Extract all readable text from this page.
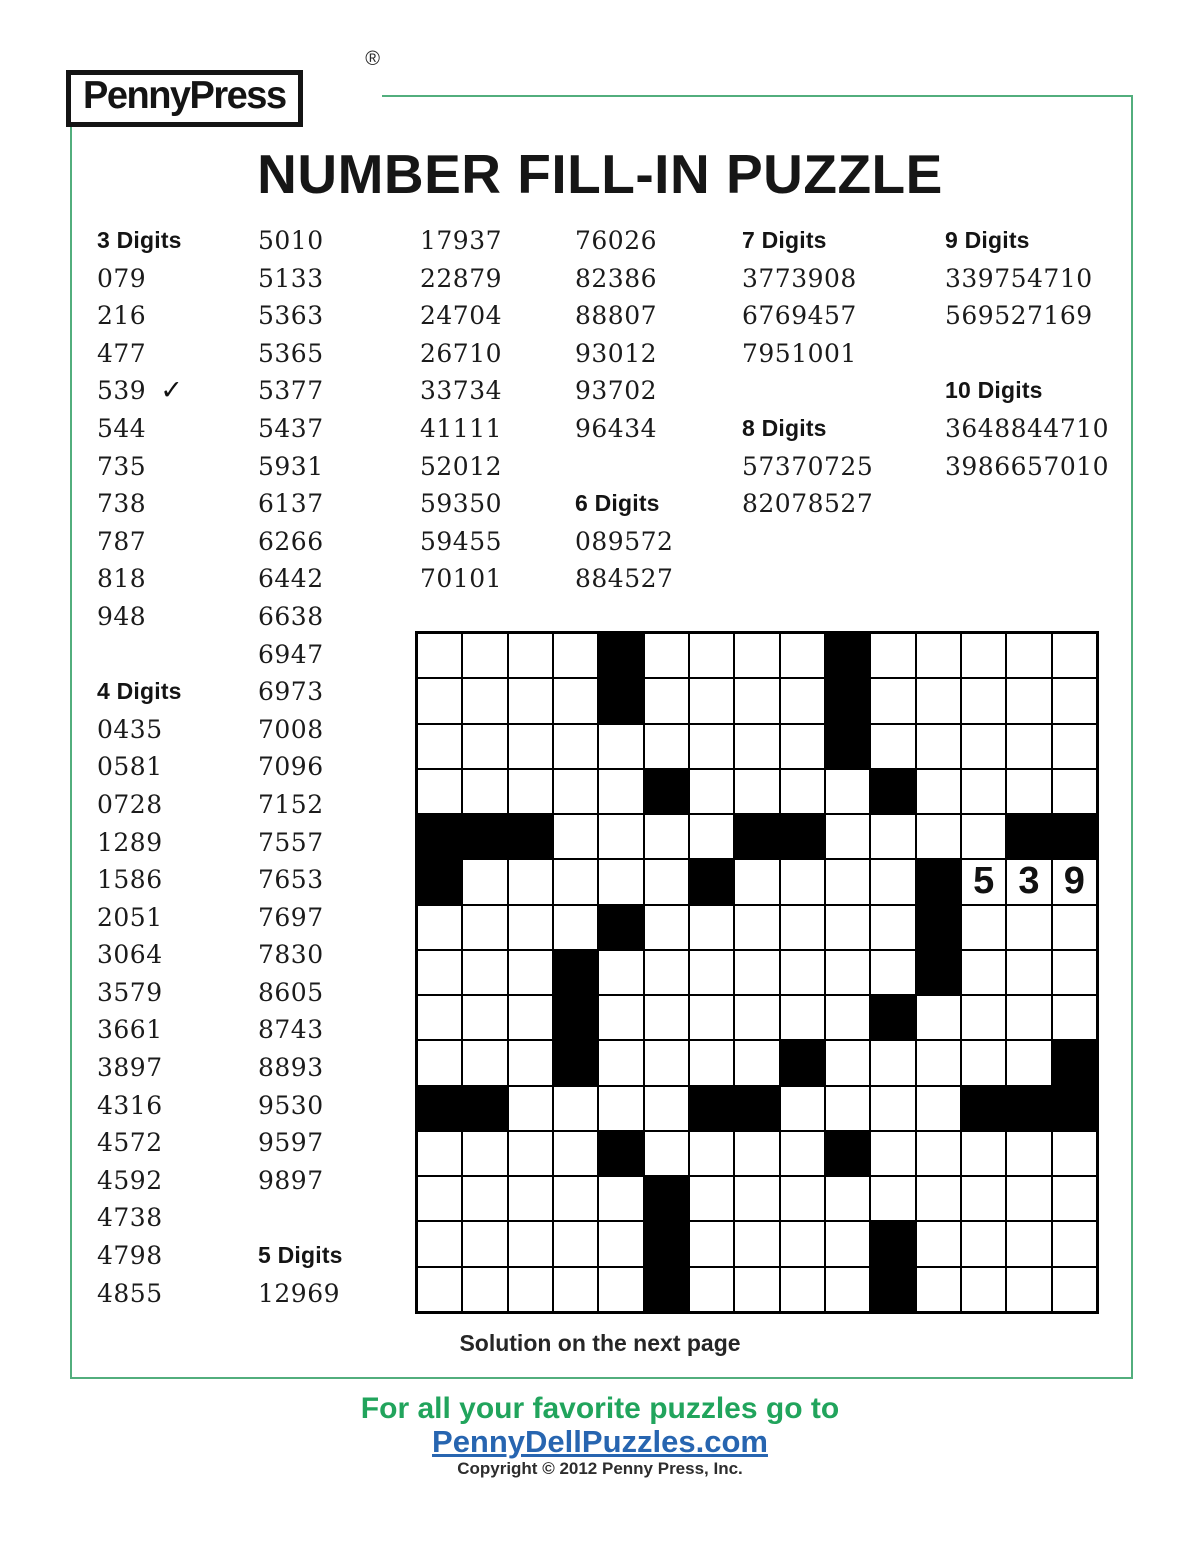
PennyPress
®
NUMBER FILL-IN PUZZLE
3 Digits
079
216
477
539 ✓
544
735
738
787
818
948

4 Digits
0435
0581
0728
1289
1586
2051
3064
3579
3661
3897
4316
4572
4592
4738
4798
4855
5010
5133
5363
5365
5377
5437
5931
6137
6266
6442
6638
6947
6973
7008
7096
7152
7557
7653
7697
7830
8605
8743
8893
9530
9597
9897

5 Digits
12969
17937
22879
24704
26710
33734
41111
52012
59350
59455
70101
76026
82386
88807
93012
93702
96434

6 Digits
089572
884527
7 Digits
3773908
6769457
7951001

8 Digits
57370725
82078527
9 Digits
339754710
569527169

10 Digits
3648844710
3986657010
5 3 9
Solution on the next page
For all your favorite puzzles go to
PennyDellPuzzles.com
Copyright © 2012 Penny Press, Inc.
